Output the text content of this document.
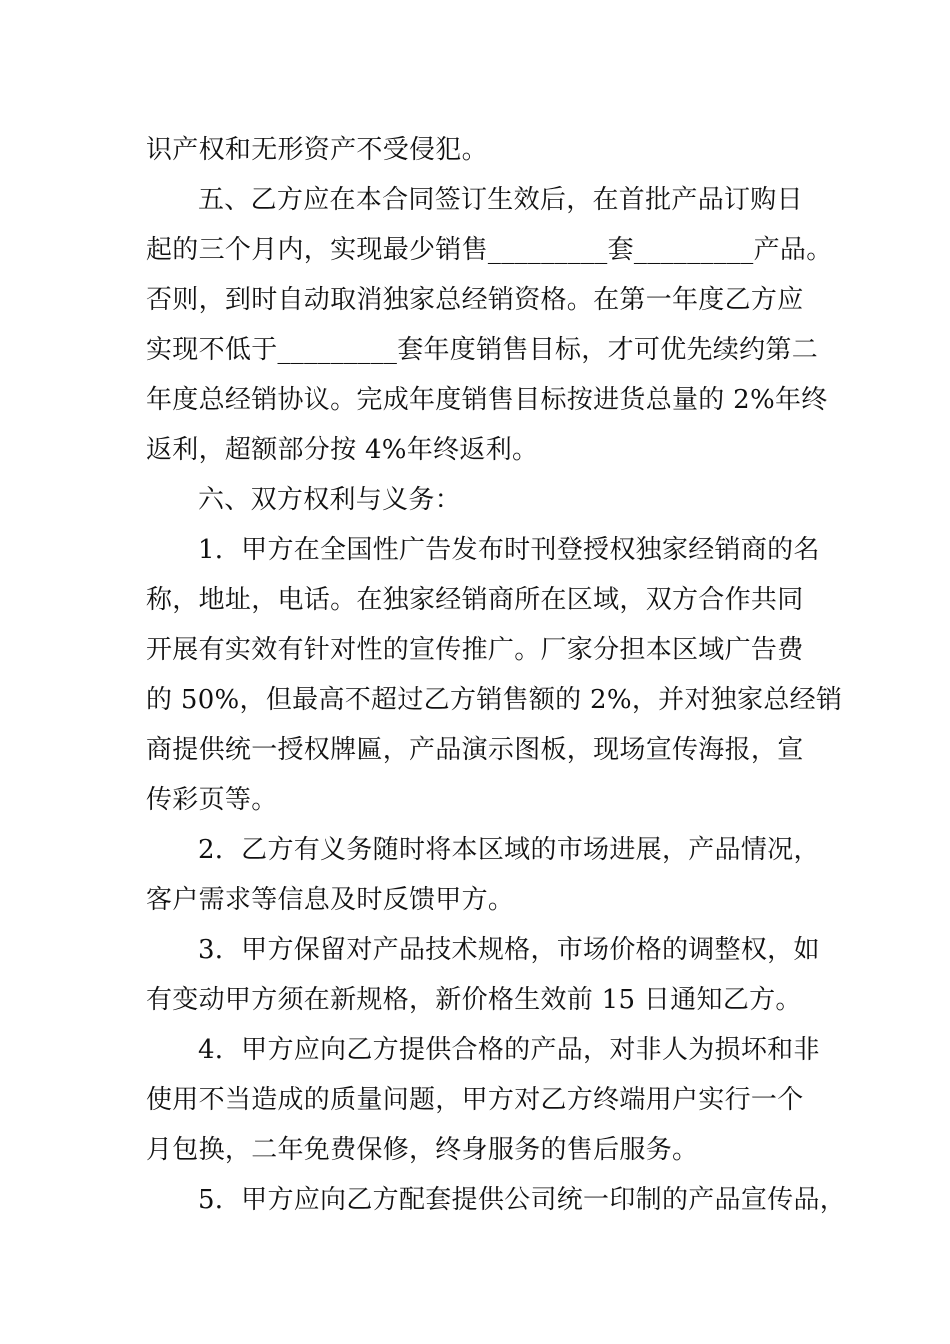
识产权和无形资产不受侵犯。
五、乙方应在本合同签订生效后，在首批产品订购日
起的三个月内，实现最少销售_________套_________产品。
否则，到时自动取消独家总经销资格。在第一年度乙方应
实现不低于_________套年度销售目标，才可优先续约第二
年度总经销协议。完成年度销售目标按进货总量的 2%年终
返利，超额部分按 4%年终返利。
六、双方权利与义务：
1．甲方在全国性广告发布时刊登授权独家经销商的名
称，地址，电话。在独家经销商所在区域，双方合作共同
开展有实效有针对性的宣传推广。厂家分担本区域广告费
的 50%，但最高不超过乙方销售额的 2%，并对独家总经销
商提供统一授权牌匾，产品演示图板，现场宣传海报，宣
传彩页等。
2．乙方有义务随时将本区域的市场进展，产品情况，
客户需求等信息及时反馈甲方。
3．甲方保留对产品技术规格，市场价格的调整权，如
有变动甲方须在新规格，新价格生效前 15 日通知乙方。
4．甲方应向乙方提供合格的产品，对非人为损坏和非
使用不当造成的质量问题，甲方对乙方终端用户实行一个
月包换，二年免费保修，终身服务的售后服务。
5．甲方应向乙方配套提供公司统一印制的产品宣传品，
